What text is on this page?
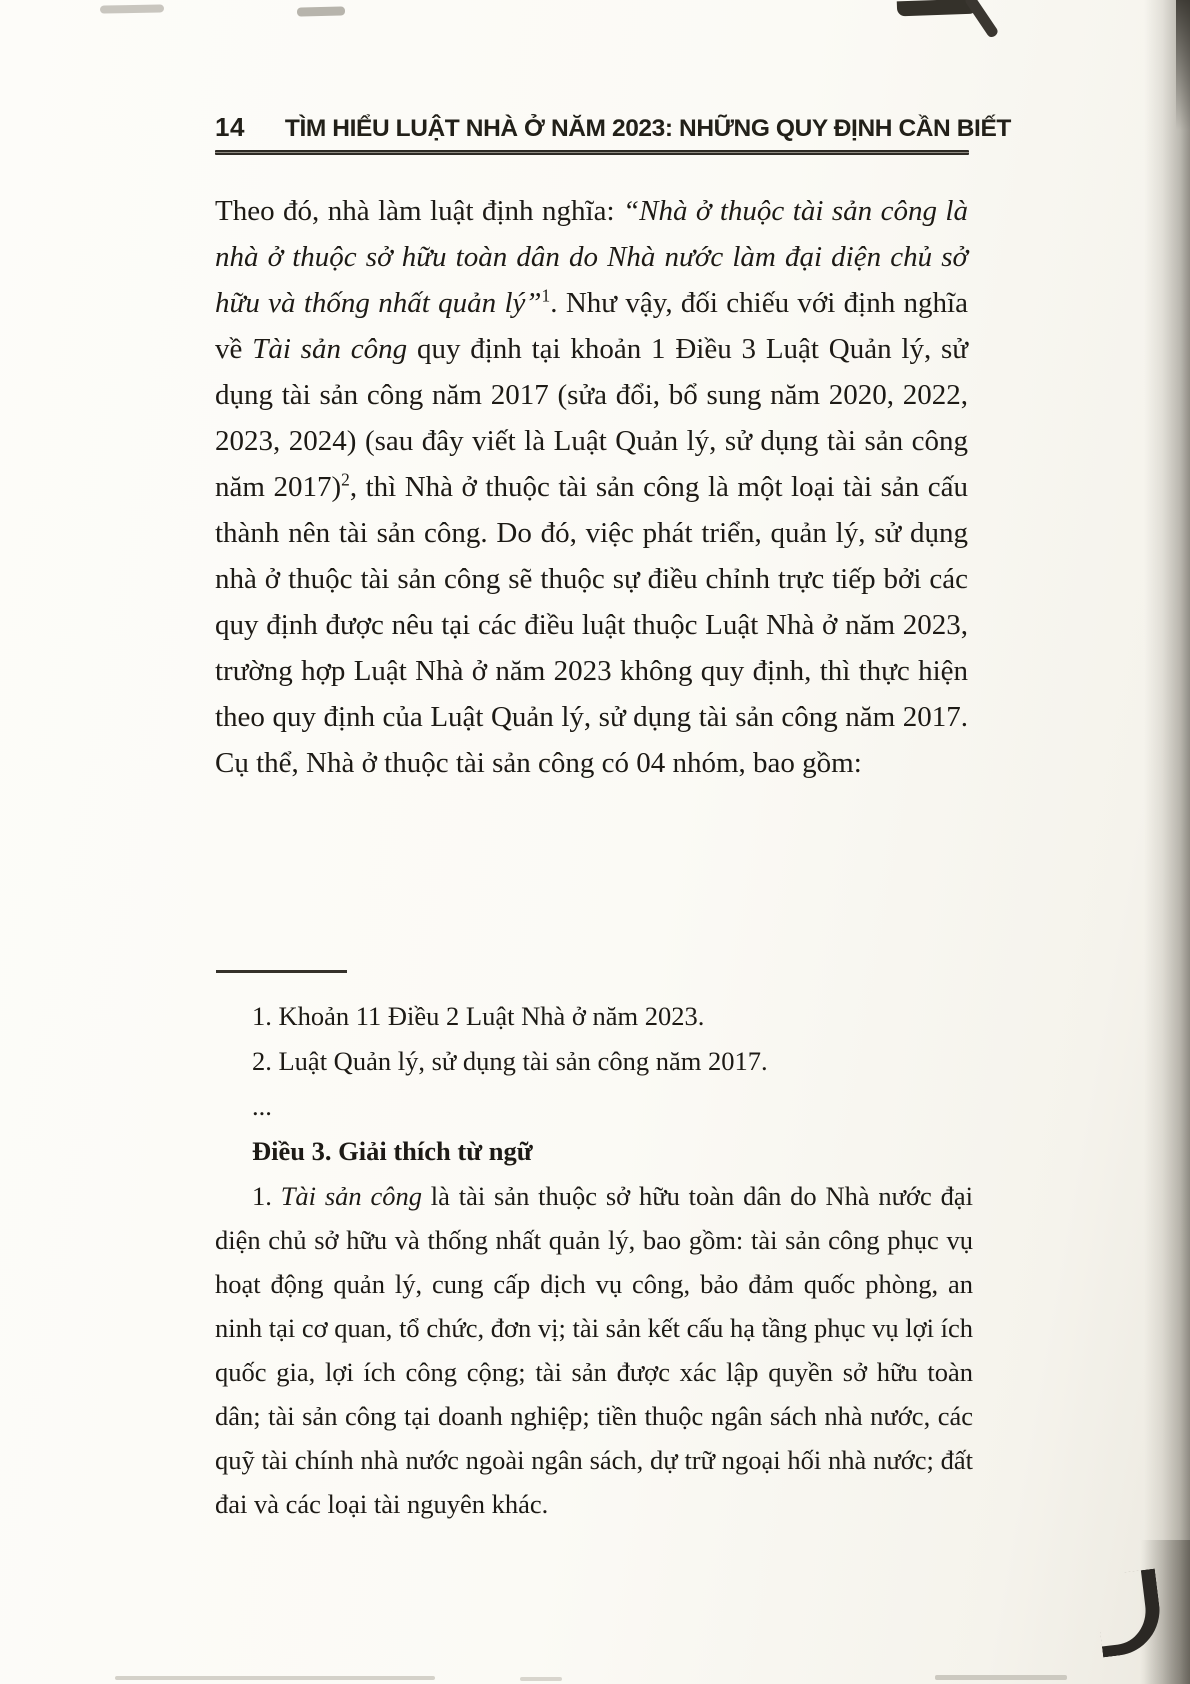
14 TÌM HIỂU LUẬT NHÀ Ở NĂM 2023: NHỮNG QUY ĐỊNH CẦN BIẾT

Theo đó, nhà làm luật định nghĩa: “Nhà ở thuộc tài sản công là nhà ở thuộc sở hữu toàn dân do Nhà nước làm đại diện chủ sở hữu và thống nhất quản lý”$^1$. Như vậy, đối chiếu với định nghĩa về Tài sản công quy định tại khoản 1 Điều 3 Luật Quản lý, sử dụng tài sản công năm 2017 (sửa đổi, bổ sung năm 2020, 2022, 2023, 2024) (sau đây viết là Luật Quản lý, sử dụng tài sản công năm 2017)$^2$, thì Nhà ở thuộc tài sản công là một loại tài sản cấu thành nên tài sản công. Do đó, việc phát triển, quản lý, sử dụng nhà ở thuộc tài sản công sẽ thuộc sự điều chỉnh trực tiếp bởi các quy định được nêu tại các điều luật thuộc Luật Nhà ở năm 2023, trường hợp Luật Nhà ở năm 2023 không quy định, thì thực hiện theo quy định của Luật Quản lý, sử dụng tài sản công năm 2017. Cụ thể, Nhà ở thuộc tài sản công có 04 nhóm, bao gồm:

1. Khoản 11 Điều 2 Luật Nhà ở năm 2023.

2. Luật Quản lý, sử dụng tài sản công năm 2017.

...

Điều 3. Giải thích từ ngữ

1. Tài sản công là tài sản thuộc sở hữu toàn dân do Nhà nước đại diện chủ sở hữu và thống nhất quản lý, bao gồm: tài sản công phục vụ hoạt động quản lý, cung cấp dịch vụ công, bảo đảm quốc phòng, an ninh tại cơ quan, tổ chức, đơn vị; tài sản kết cấu hạ tầng phục vụ lợi ích quốc gia, lợi ích công cộng; tài sản được xác lập quyền sở hữu toàn dân; tài sản công tại doanh nghiệp; tiền thuộc ngân sách nhà nước, các quỹ tài chính nhà nước ngoài ngân sách, dự trữ ngoại hối nhà nước; đất đai và các loại tài nguyên khác.
